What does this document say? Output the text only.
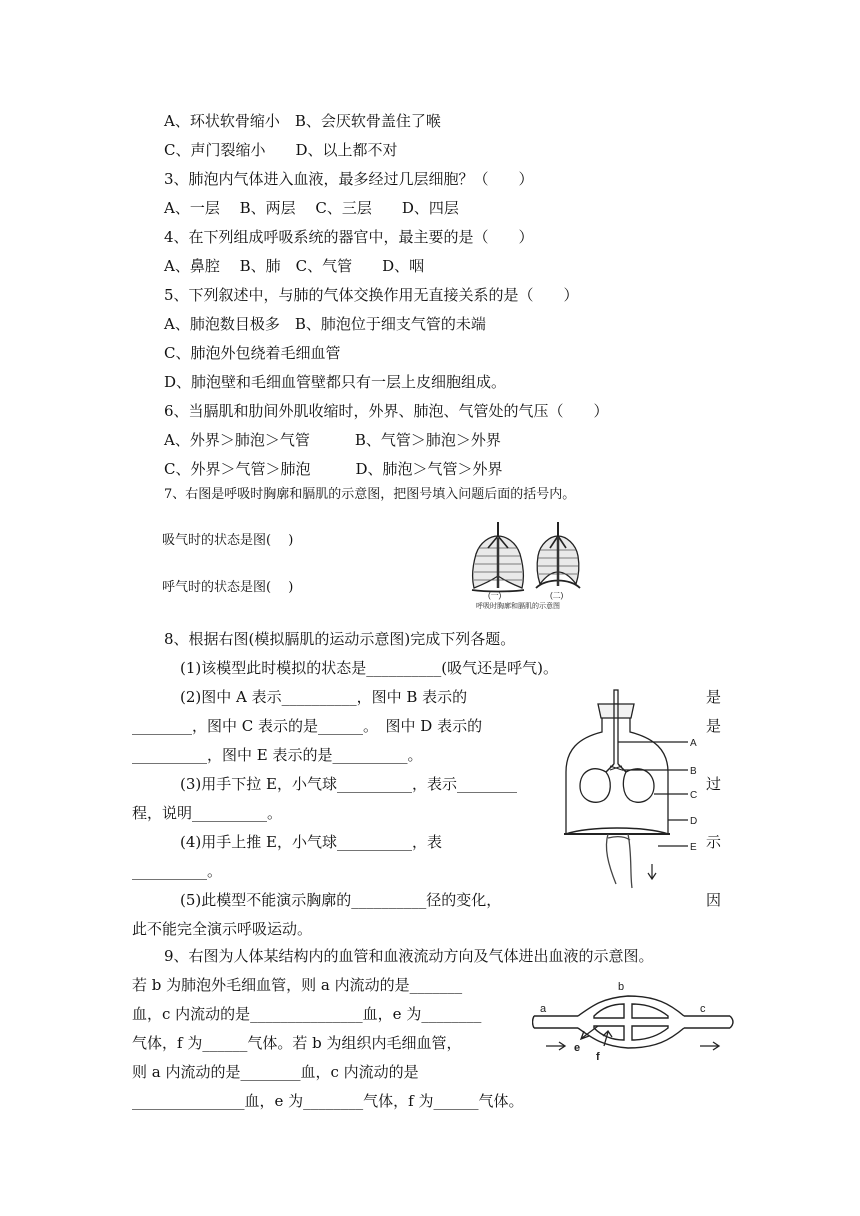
A、环状软骨缩小　B、会厌软骨盖住了喉
C、声门裂缩小　　D、以上都不对
3、肺泡内气体进入血液，最多经过几层细胞？（　　）
A、一层　 B、两层　 C、三层　　D、四层
4、在下列组成呼吸系统的器官中，最主要的是（　　）
A、鼻腔　 B、肺　C、气管　　D、咽
5、下列叙述中，与肺的气体交换作用无直接关系的是（　　）
A、肺泡数目极多　B、肺泡位于细支气管的未端
C、肺泡外包绕着毛细血管
D、肺泡壁和毛细血管壁都只有一层上皮细胞组成。
6、当膈肌和肋间外肌收缩时，外界、肺泡、气管处的气压（　　）
A、外界＞肺泡＞气管　　　B、气管＞肺泡＞外界
C、外界＞气管＞肺泡　　　D、肺泡＞气管＞外界
7、右图是呼吸时胸廓和膈肌的示意图，把图号填入问题后面的括号内。
吸气时的状态是图(　 )
呼气时的状态是图(　 )
(一)	(二)
呼吸时胸廓和膈肌的示意图
8、根据右图(模拟膈肌的运动示意图)完成下列各题。
(1)该模型此时模拟的状态是__________(吸气还是呼气)。
(2)图中 A 表示__________，图中 B 表示的	是
________，图中 C 表示的是______。　图中 D 表示的	是
__________，图中 E 表示的是__________。
(3)用手下拉 E，小气球__________，表示________	过
程，说明__________。
(4)用手上推 E，小气球__________，表	示
__________。
(5)此模型不能演示胸廓的__________径的变化，	因
此不能完全演示呼吸运动。
A
B
C
D
E
9、右图为人体某结构内的血管和血液流动方向及气体进出血液的示意图。
若 b 为肺泡外毛细血管，则 a 内流动的是_______
血，c 内流动的是_______________血，e 为________
气体，f 为______气体。若 b 为组织内毛细血管，
则 a 内流动的是________血，c 内流动的是
_______________血，e 为________气体，f 为______气体。
a
b
c
e
f
